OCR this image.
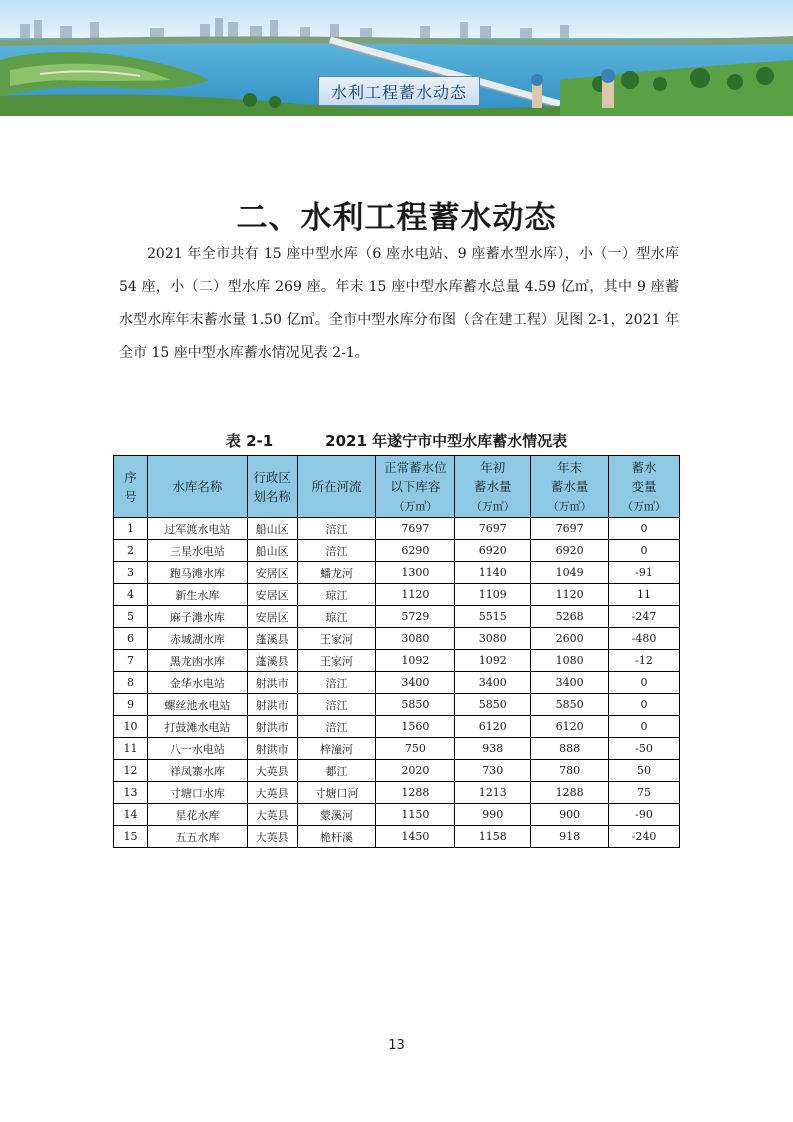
水利工程蓄水动态
二、水利工程蓄水动态

2021 年全市共有 15 座中型水库（6 座水电站、9 座蓄水型水库），小（一）型水库 54 座，小（二）型水库 269 座。年末 15 座中型水库蓄水总量 4.59 亿㎥，其中 9 座蓄水型水库年末蓄水量 1.50 亿㎥。全市中型水库分布图（含在建工程）见图 2-1，2021 年全市 15 座中型水库蓄水情况见表 2-1。

表 2-1	2021 年遂宁市中型水库蓄水情况表
序
号	水库名称	行政区
划名称	所在河流	正常蓄水位
以下库容
（万㎥）	年初
蓄水量
（万㎥）	年末
蓄水量
（万㎥）	蓄水
变量
（万㎥）
1	过军渡水电站	船山区	涪江	7697	7697	7697	0
2	三星水电站	船山区	涪江	6290	6920	6920	0
3	跑马滩水库	安居区	蟠龙河	1300	1140	1049	-91
4	新生水库	安居区	琼江	1120	1109	1120	11
5	麻子滩水库	安居区	琼江	5729	5515	5268	-247
6	赤城湖水库	蓬溪县	王家河	3080	3080	2600	-480
7	黑龙凼水库	蓬溪县	王家河	1092	1092	1080	-12
8	金华水电站	射洪市	涪江	3400	3400	3400	0
9	螺丝池水电站	射洪市	涪江	5850	5850	5850	0
10	打鼓滩水电站	射洪市	涪江	1560	6120	6120	0
11	八一水电站	射洪市	梓潼河	750	938	888	-50
12	祥凤寨水库	大英县	郪江	2020	730	780	50
13	寸塘口水库	大英县	寸塘口河	1288	1213	1288	75
14	星花水库	大英县	蒙溪河	1150	990	900	-90
15	五五水库	大英县	桅杆溪	1450	1158	918	-240
13
